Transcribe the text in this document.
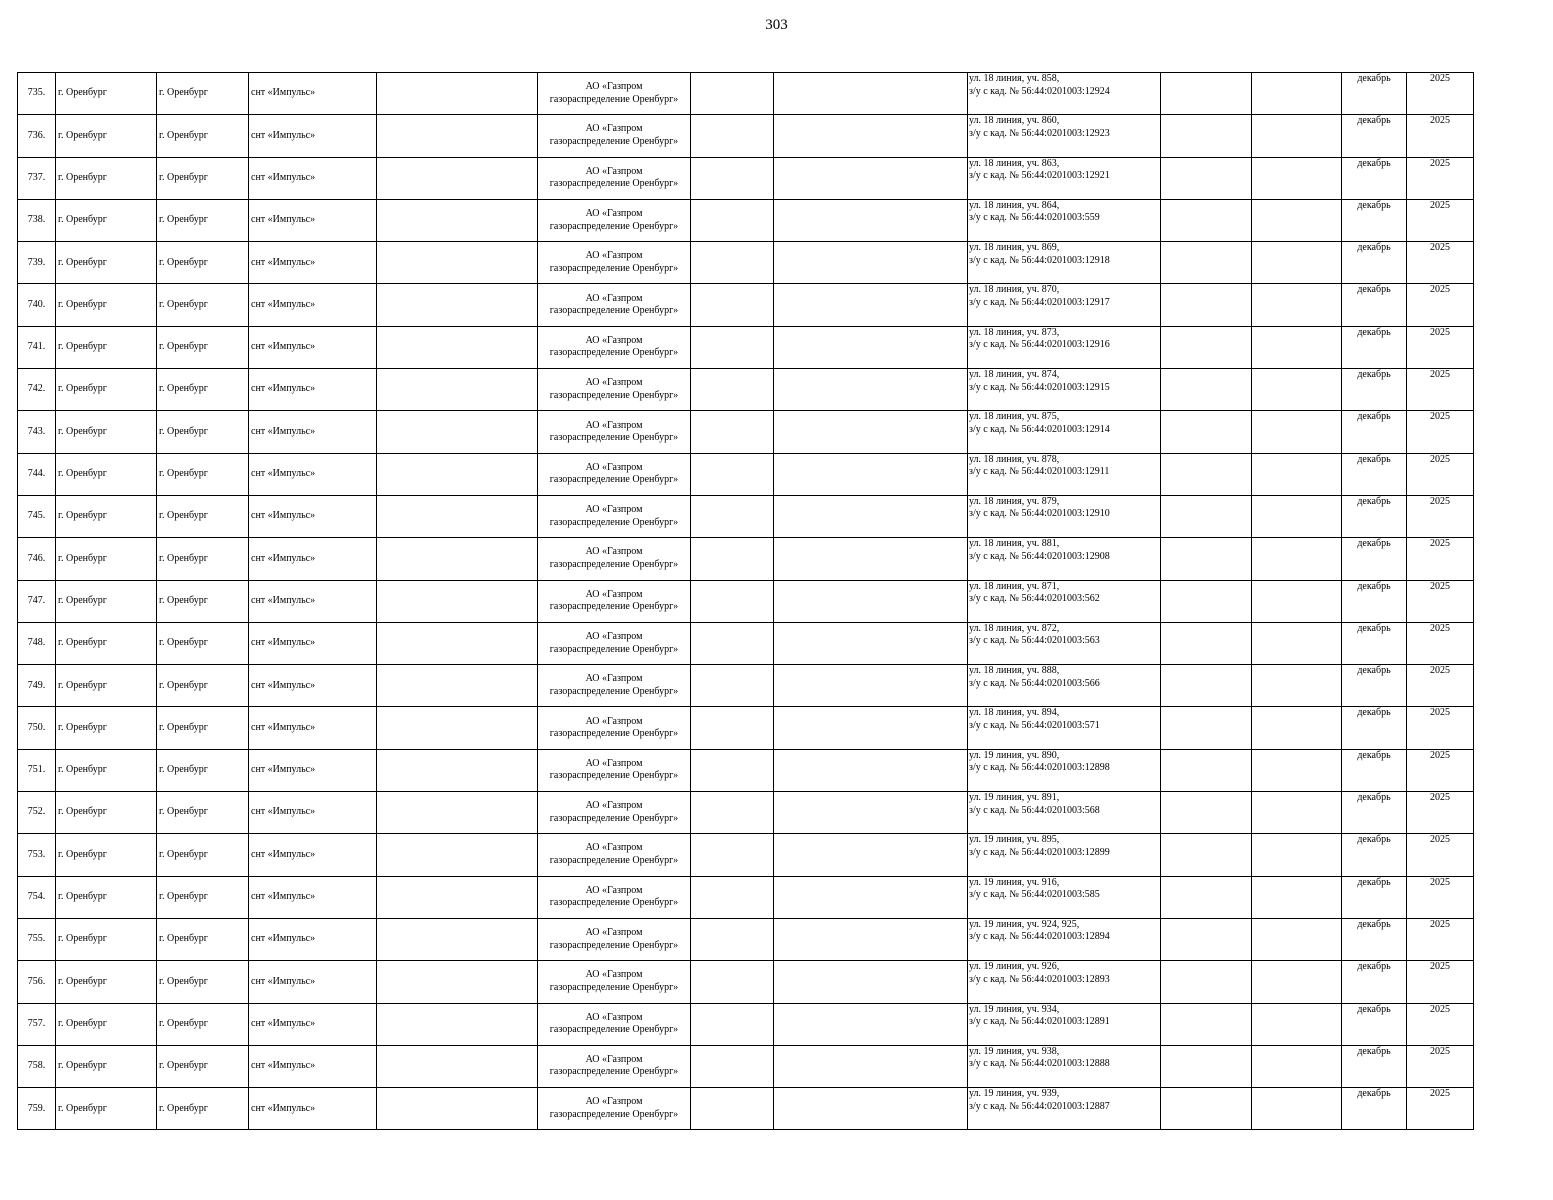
303
735.	г. Оренбург	г. Оренбург	снт «Импульс»		АО «Газпром
газораспределение Оренбург»			ул. 18 линия, уч. 858,
з/у с кад. № 56:44:0201003:12924			декабрь	2025
736.	г. Оренбург	г. Оренбург	снт «Импульс»		АО «Газпром
газораспределение Оренбург»			ул. 18 линия, уч. 860,
з/у с кад. № 56:44:0201003:12923			декабрь	2025
737.	г. Оренбург	г. Оренбург	снт «Импульс»		АО «Газпром
газораспределение Оренбург»			ул. 18 линия, уч. 863,
з/у с кад. № 56:44:0201003:12921			декабрь	2025
738.	г. Оренбург	г. Оренбург	снт «Импульс»		АО «Газпром
газораспределение Оренбург»			ул. 18 линия, уч. 864,
з/у с кад. № 56:44:0201003:559			декабрь	2025
739.	г. Оренбург	г. Оренбург	снт «Импульс»		АО «Газпром
газораспределение Оренбург»			ул. 18 линия, уч. 869,
з/у с кад. № 56:44:0201003:12918			декабрь	2025
740.	г. Оренбург	г. Оренбург	снт «Импульс»		АО «Газпром
газораспределение Оренбург»			ул. 18 линия, уч. 870,
з/у с кад. № 56:44:0201003:12917			декабрь	2025
741.	г. Оренбург	г. Оренбург	снт «Импульс»		АО «Газпром
газораспределение Оренбург»			ул. 18 линия, уч. 873,
з/у с кад. № 56:44:0201003:12916			декабрь	2025
742.	г. Оренбург	г. Оренбург	снт «Импульс»		АО «Газпром
газораспределение Оренбург»			ул. 18 линия, уч. 874,
з/у с кад. № 56:44:0201003:12915			декабрь	2025
743.	г. Оренбург	г. Оренбург	снт «Импульс»		АО «Газпром
газораспределение Оренбург»			ул. 18 линия, уч. 875,
з/у с кад. № 56:44:0201003:12914			декабрь	2025
744.	г. Оренбург	г. Оренбург	снт «Импульс»		АО «Газпром
газораспределение Оренбург»			ул. 18 линия, уч. 878,
з/у с кад. № 56:44:0201003:12911			декабрь	2025
745.	г. Оренбург	г. Оренбург	снт «Импульс»		АО «Газпром
газораспределение Оренбург»			ул. 18 линия, уч. 879,
з/у с кад. № 56:44:0201003:12910			декабрь	2025
746.	г. Оренбург	г. Оренбург	снт «Импульс»		АО «Газпром
газораспределение Оренбург»			ул. 18 линия, уч. 881,
з/у с кад. № 56:44:0201003:12908			декабрь	2025
747.	г. Оренбург	г. Оренбург	снт «Импульс»		АО «Газпром
газораспределение Оренбург»			ул. 18 линия, уч. 871,
з/у с кад. № 56:44:0201003:562			декабрь	2025
748.	г. Оренбург	г. Оренбург	снт «Импульс»		АО «Газпром
газораспределение Оренбург»			ул. 18 линия, уч. 872,
з/у с кад. № 56:44:0201003:563			декабрь	2025
749.	г. Оренбург	г. Оренбург	снт «Импульс»		АО «Газпром
газораспределение Оренбург»			ул. 18 линия, уч. 888,
з/у с кад. № 56:44:0201003:566			декабрь	2025
750.	г. Оренбург	г. Оренбург	снт «Импульс»		АО «Газпром
газораспределение Оренбург»			ул. 18 линия, уч. 894,
з/у с кад. № 56:44:0201003:571			декабрь	2025
751.	г. Оренбург	г. Оренбург	снт «Импульс»		АО «Газпром
газораспределение Оренбург»			ул. 19 линия, уч. 890,
з/у с кад. № 56:44:0201003:12898			декабрь	2025
752.	г. Оренбург	г. Оренбург	снт «Импульс»		АО «Газпром
газораспределение Оренбург»			ул. 19 линия, уч. 891,
з/у с кад. № 56:44:0201003:568			декабрь	2025
753.	г. Оренбург	г. Оренбург	снт «Импульс»		АО «Газпром
газораспределение Оренбург»			ул. 19 линия, уч. 895,
з/у с кад. № 56:44:0201003:12899			декабрь	2025
754.	г. Оренбург	г. Оренбург	снт «Импульс»		АО «Газпром
газораспределение Оренбург»			ул. 19 линия, уч. 916,
з/у с кад. № 56:44:0201003:585			декабрь	2025
755.	г. Оренбург	г. Оренбург	снт «Импульс»		АО «Газпром
газораспределение Оренбург»			ул. 19 линия, уч. 924, 925,
з/у с кад. № 56:44:0201003:12894			декабрь	2025
756.	г. Оренбург	г. Оренбург	снт «Импульс»		АО «Газпром
газораспределение Оренбург»			ул. 19 линия, уч. 926,
з/у с кад. № 56:44:0201003:12893			декабрь	2025
757.	г. Оренбург	г. Оренбург	снт «Импульс»		АО «Газпром
газораспределение Оренбург»			ул. 19 линия, уч. 934,
з/у с кад. № 56:44:0201003:12891			декабрь	2025
758.	г. Оренбург	г. Оренбург	снт «Импульс»		АО «Газпром
газораспределение Оренбург»			ул. 19 линия, уч. 938,
з/у с кад. № 56:44:0201003:12888			декабрь	2025
759.	г. Оренбург	г. Оренбург	снт «Импульс»		АО «Газпром
газораспределение Оренбург»			ул. 19 линия, уч. 939,
з/у с кад. № 56:44:0201003:12887			декабрь	2025
